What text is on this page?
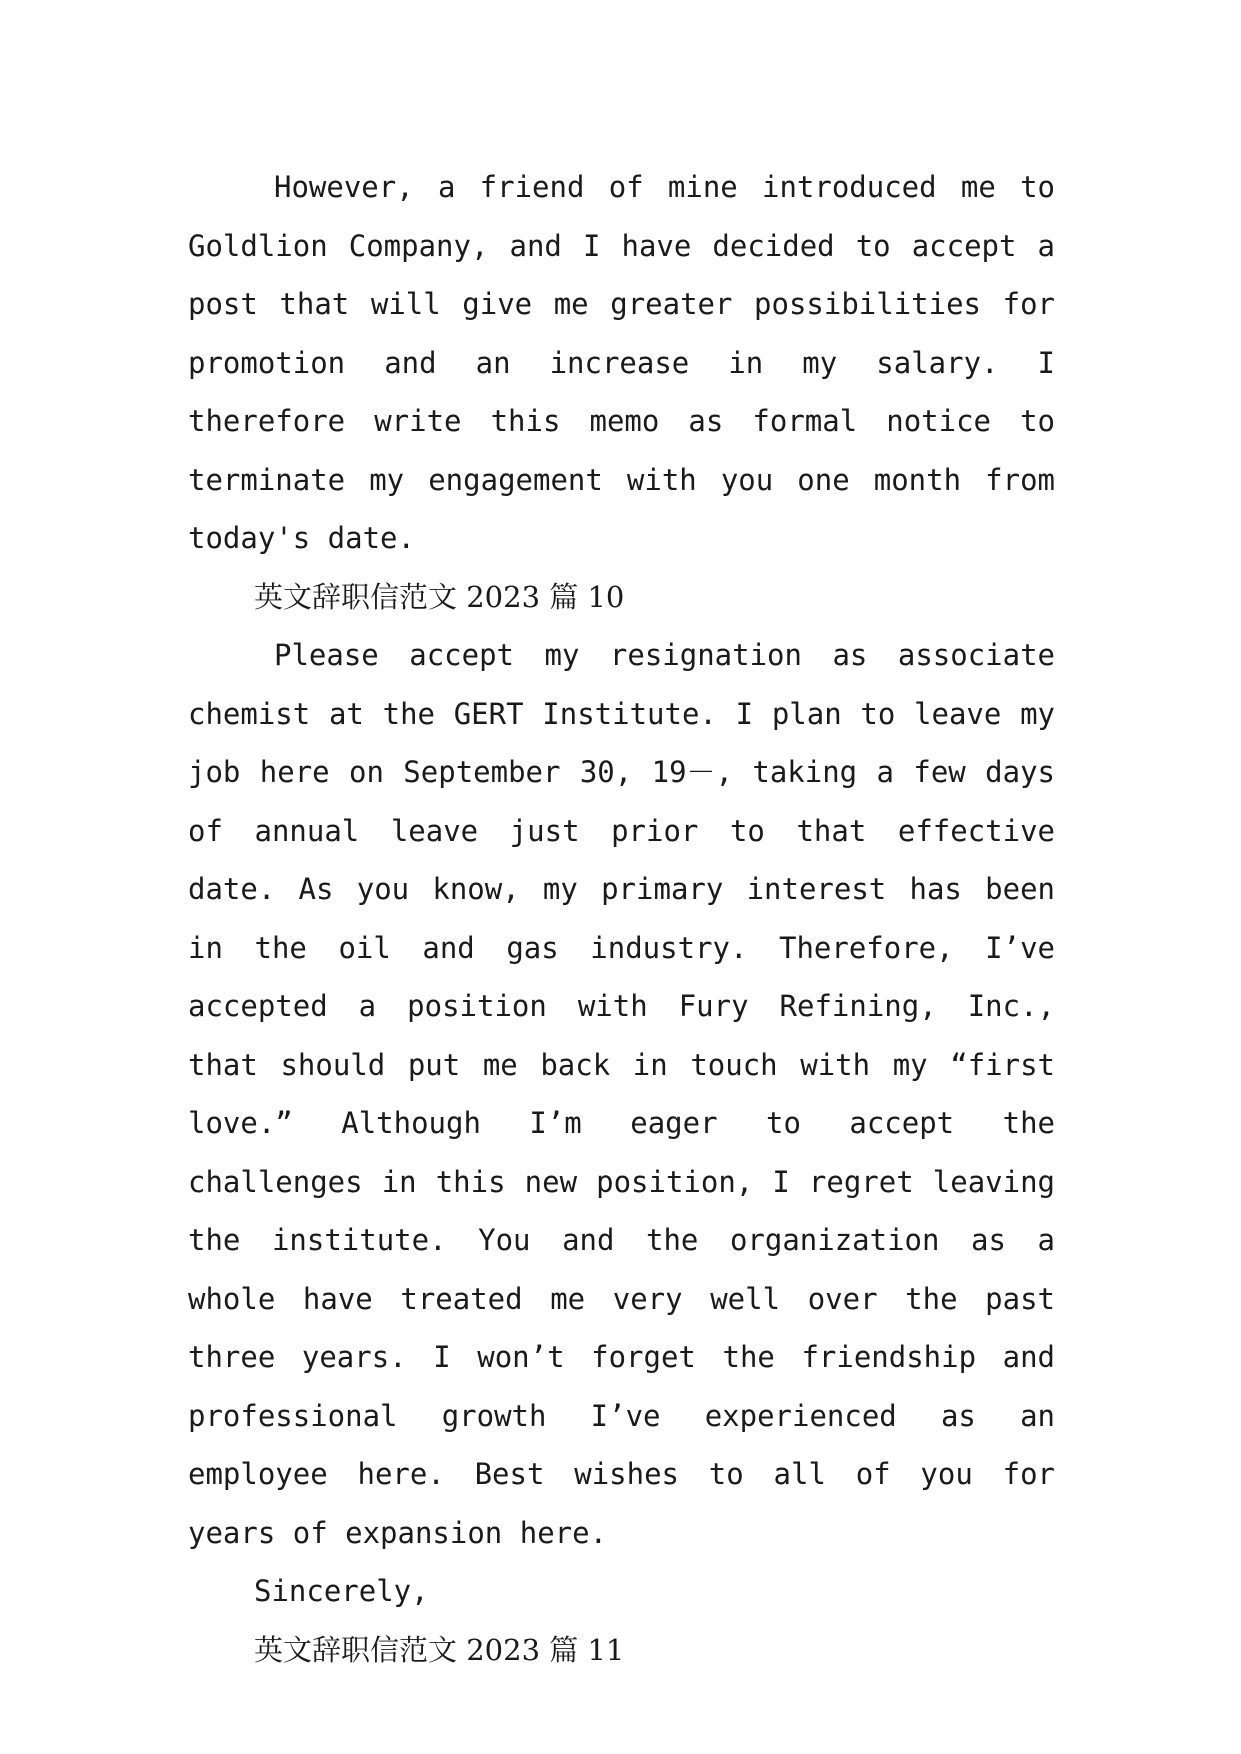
However, a friend of mine introduced me to Goldlion Company, and I have decided to accept a post that will give me greater possibilities for promotion and an increase in my salary. I therefore write this memo as formal notice to terminate my engagement with you one month from today's date.

英文辞职信范文 2023 篇 10

Please accept my resignation as associate chemist at the GERT Institute. I plan to leave my job here on September 30, 19－, taking a few days of annual leave just prior to that effective date. As you know, my primary interest has been in the oil and gas industry. Therefore, I’ve accepted a position with Fury Refining, Inc., that should put me back in touch with my “first love.” Although I’m eager to accept the challenges in this new position, I regret leaving the institute. You and the organization as a whole have treated me very well over the past three years. I won’t forget the friendship and professional growth I’ve experienced as an employee here. Best wishes to all of you for years of expansion here.

Sincerely,

英文辞职信范文 2023 篇 11
